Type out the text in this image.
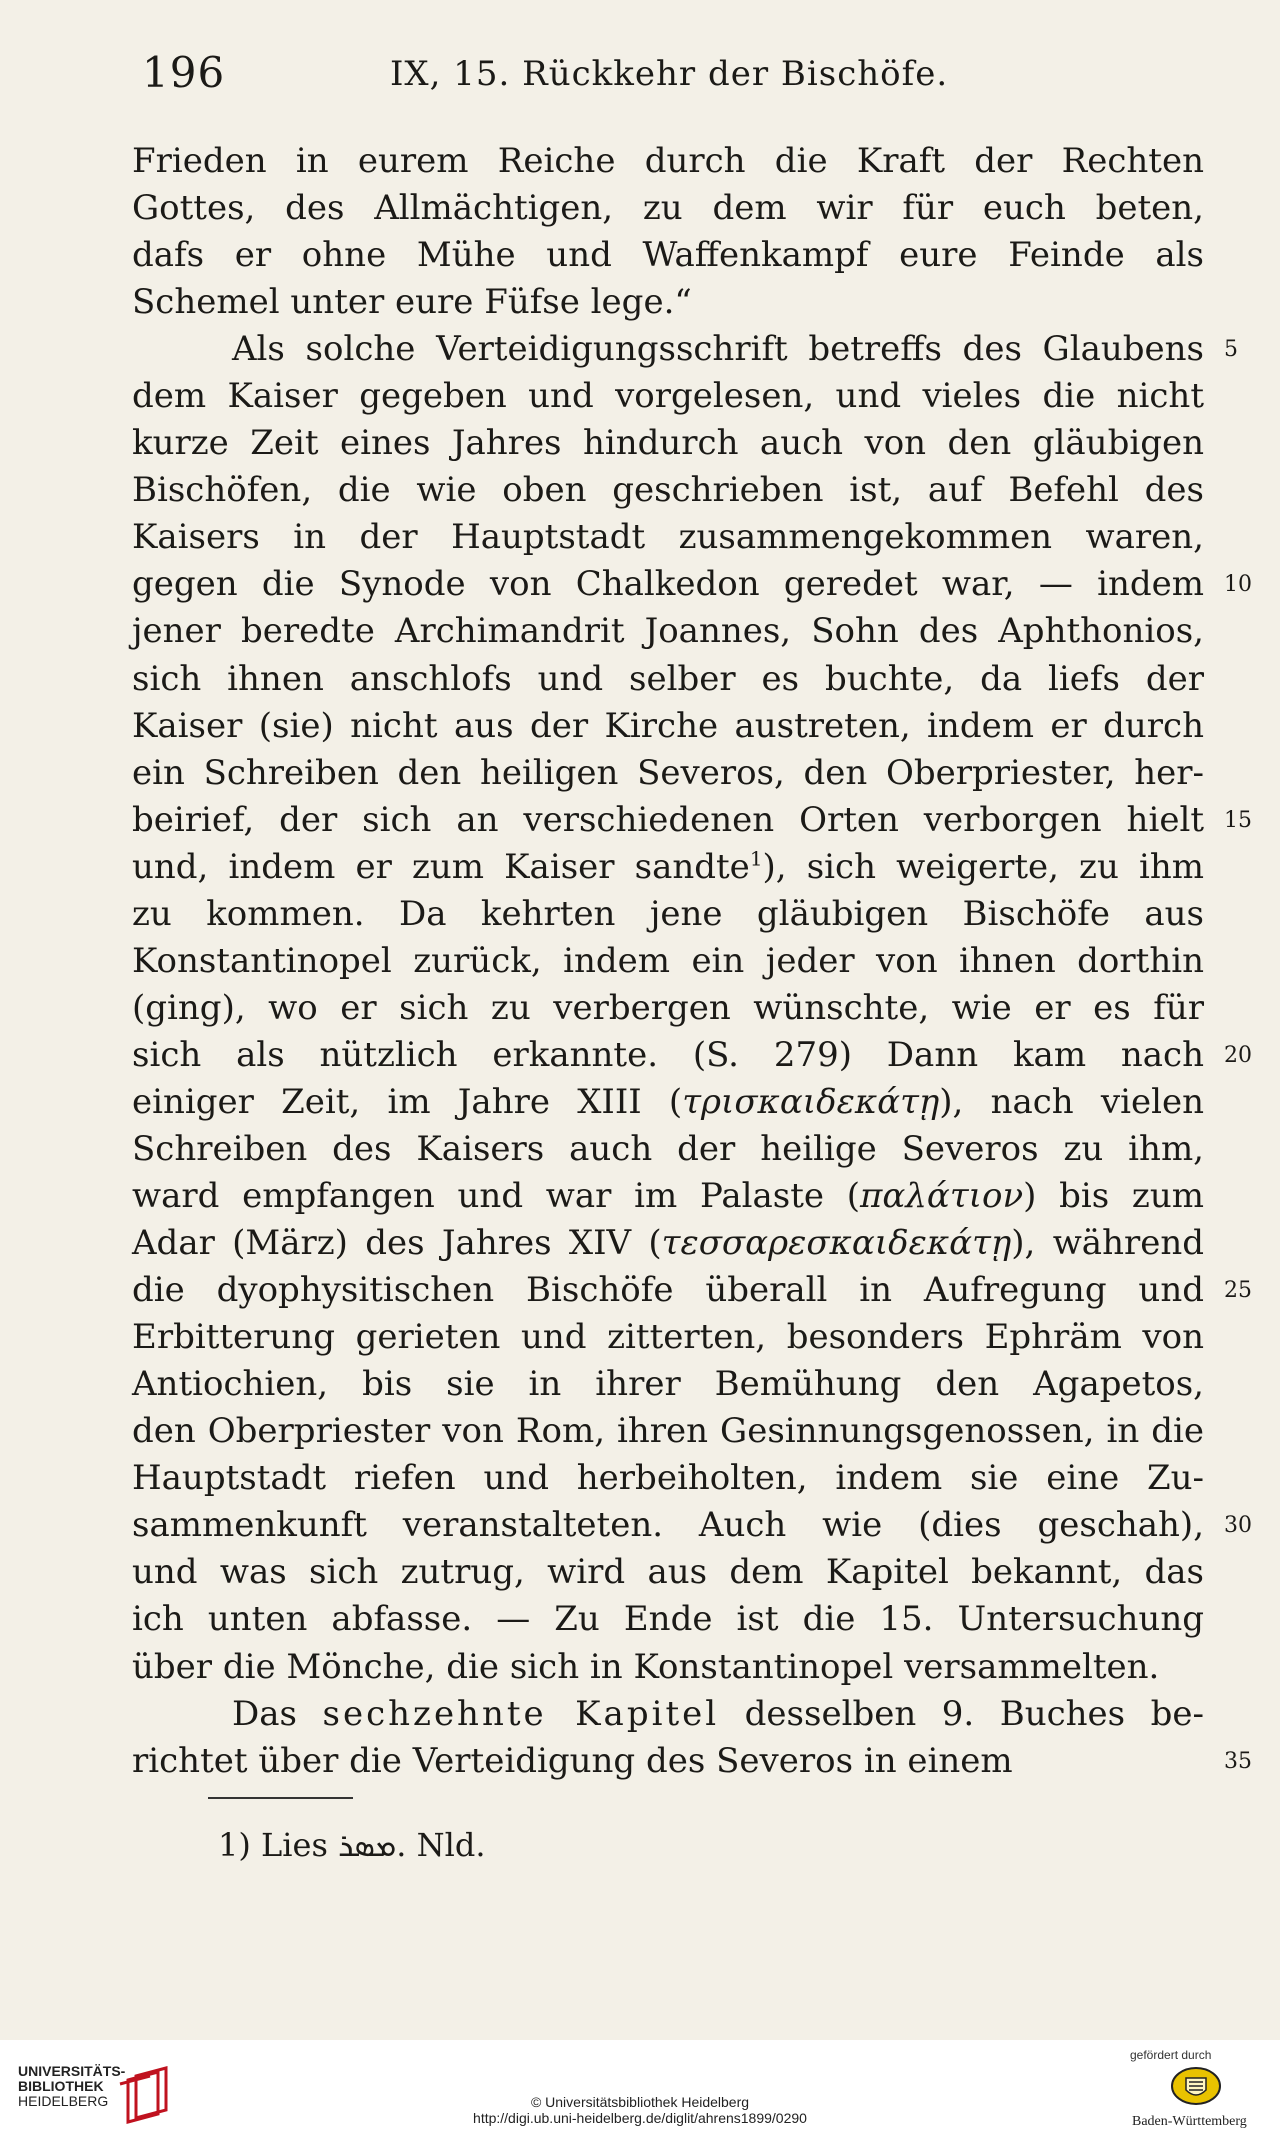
196	IX, 15. Rückkehr der Bischöfe.
Frieden in eurem Reiche durch die Kraft der Rechten
Gottes, des Allmächtigen, zu dem wir für euch beten,
dafs er ohne Mühe und Waffenkampf eure Feinde als
Schemel unter eure Füfse lege.“
Als solche Verteidigungsschrift betreffs des Glaubens 5
dem Kaiser gegeben und vorgelesen, und vieles die nicht
kurze Zeit eines Jahres hindurch auch von den gläubigen
Bischöfen, die wie oben geschrieben ist, auf Befehl des
Kaisers in der Hauptstadt zusammengekommen waren,
gegen die Synode von Chalkedon geredet war, — indem 10
jener beredte Archimandrit Joannes, Sohn des Aphthonios,
sich ihnen anschlofs und selber es buchte, da liefs der
Kaiser (sie) nicht aus der Kirche austreten, indem er durch
ein Schreiben den heiligen Severos, den Oberpriester, her-
beirief, der sich an verschiedenen Orten verborgen hielt 15
und, indem er zum Kaiser sandte$^1$), sich weigerte, zu ihm
zu kommen. Da kehrten jene gläubigen Bischöfe aus
Konstantinopel zurück, indem ein jeder von ihnen dorthin
(ging), wo er sich zu verbergen wünschte, wie er es für
sich als nützlich erkannte. (S. 279) Dann kam nach 20
einiger Zeit, im Jahre XIII (τρισκαιδεκάτῃ), nach vielen
Schreiben des Kaisers auch der heilige Severos zu ihm,
ward empfangen und war im Palaste (παλάτιον) bis zum
Adar (März) des Jahres XIV (τεσσαρεσκαιδεκάτῃ), während
die dyophysitischen Bischöfe überall in Aufregung und 25
Erbitterung gerieten und zitterten, besonders Ephräm von
Antiochien, bis sie in ihrer Bemühung den Agapetos,
den Oberpriester von Rom, ihren Gesinnungsgenossen, in die
Hauptstadt riefen und herbeiholten, indem sie eine Zu-
sammenkunft veranstalteten. Auch wie (dies geschah), 30
und was sich zutrug, wird aus dem Kapitel bekannt, das
ich unten abfasse. — Zu Ende ist die 15. Untersuchung
über die Mönche, die sich in Konstantinopel versammelten.
Das sechzehnte Kapitel desselben 9. Buches be-
richtet über die Verteidigung des Severos in einem	35
1) Lies ܡܣܪ. Nld.
UNIVERSITÄTS-
BIBLIOTHEK
HEIDELBERG	© Universitätsbibliothek Heidelberg
http://digi.ub.uni-heidelberg.de/diglit/ahrens1899/0290
gefördert durch
Baden-Württemberg
